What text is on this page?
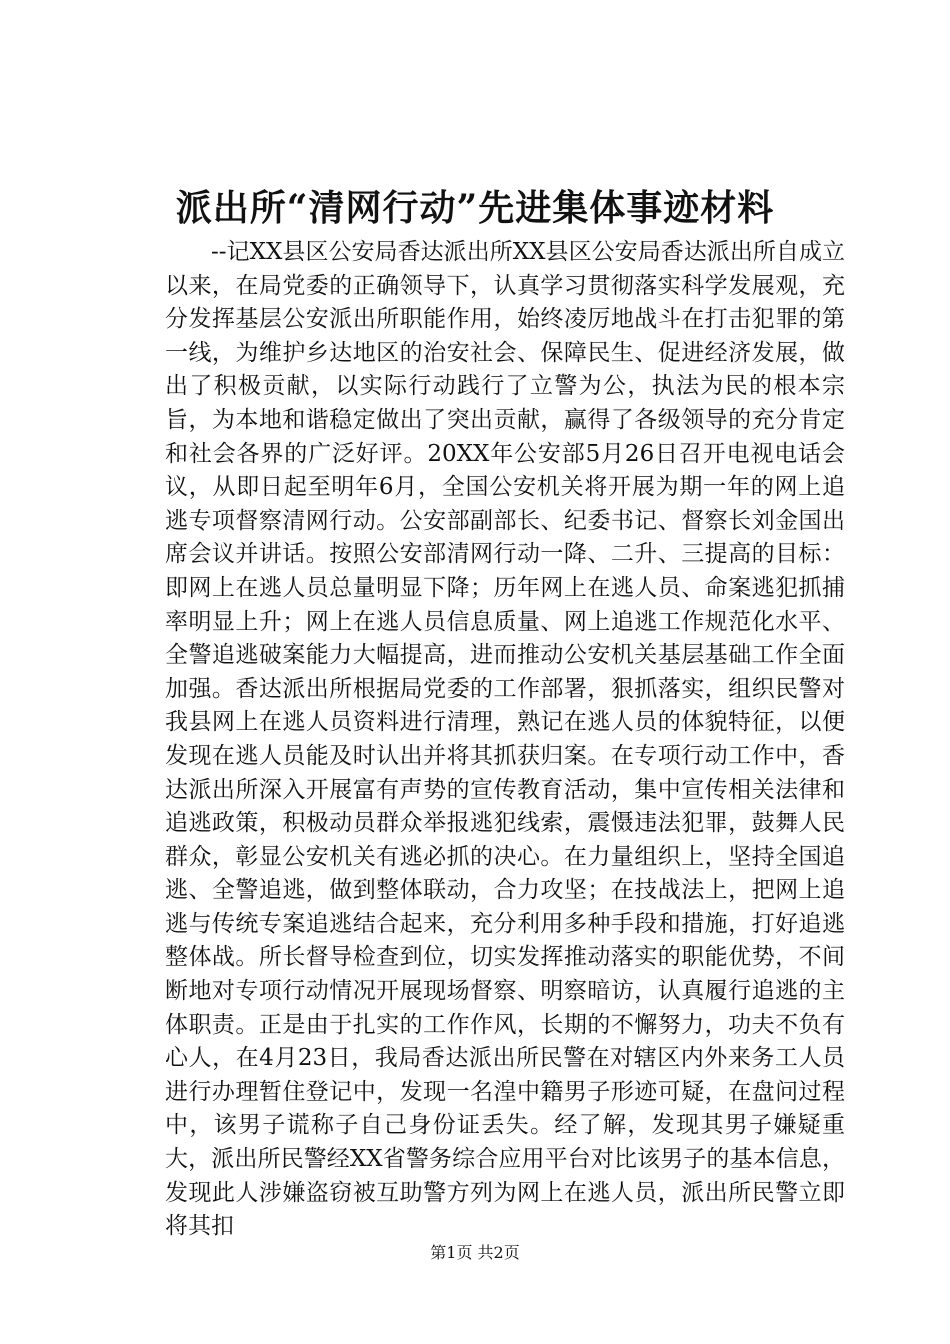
派出所“清网行动”先进集体事迹材料

--记XX县区公安局香达派出所XX县区公安局香达派出所自成立以来，在局党委的正确领导下，认真学习贯彻落实科学发展观，充分发挥基层公安派出所职能作用，始终凌厉地战斗在打击犯罪的第一线，为维护乡达地区的治安社会、保障民生、促进经济发展，做出了积极贡献，以实际行动践行了立警为公，执法为民的根本宗旨，为本地和谐稳定做出了突出贡献，赢得了各级领导的充分肯定和社会各界的广泛好评。20XX年公安部5月26日召开电视电话会议，从即日起至明年6月，全国公安机关将开展为期一年的网上追逃专项督察清网行动。公安部副部长、纪委书记、督察长刘金国出席会议并讲话。按照公安部清网行动一降、二升、三提高的目标：即网上在逃人员总量明显下降；历年网上在逃人员、命案逃犯抓捕率明显上升；网上在逃人员信息质量、网上追逃工作规范化水平、全警追逃破案能力大幅提高，进而推动公安机关基层基础工作全面加强。香达派出所根据局党委的工作部署，狠抓落实，组织民警对我县网上在逃人员资料进行清理，熟记在逃人员的体貌特征，以便发现在逃人员能及时认出并将其抓获归案。在专项行动工作中，香达派出所深入开展富有声势的宣传教育活动，集中宣传相关法律和追逃政策，积极动员群众举报逃犯线索，震慑违法犯罪，鼓舞人民群众，彰显公安机关有逃必抓的决心。在力量组织上，坚持全国追逃、全警追逃，做到整体联动，合力攻坚；在技战法上，把网上追逃与传统专案追逃结合起来，充分利用多种手段和措施，打好追逃整体战。所长督导检查到位，切实发挥推动落实的职能优势，不间断地对专项行动情况开展现场督察、明察暗访，认真履行追逃的主体职责。正是由于扎实的工作作风，长期的不懈努力，功夫不负有心人，在4月23日，我局香达派出所民警在对辖区内外来务工人员进行办理暂住登记中，发现一名湟中籍男子形迹可疑，在盘问过程中，该男子谎称子自己身份证丢失。经了解，发现其男子嫌疑重大，派出所民警经XX省警务综合应用平台对比该男子的基本信息，发现此人涉嫌盗窃被互助警方列为网上在逃人员，派出所民警立即将其扣

第1页 共2页
